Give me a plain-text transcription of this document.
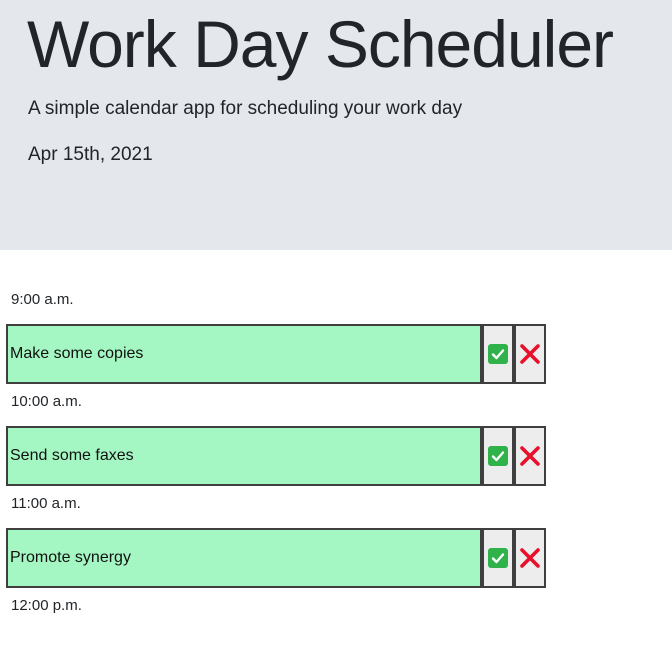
Work Day Scheduler

A simple calendar app for scheduling your work day

Apr 15th, 2021

9:00 a.m.
Make some copies
10:00 a.m.
Send some faxes
11:00 a.m.
Promote synergy
12:00 p.m.
